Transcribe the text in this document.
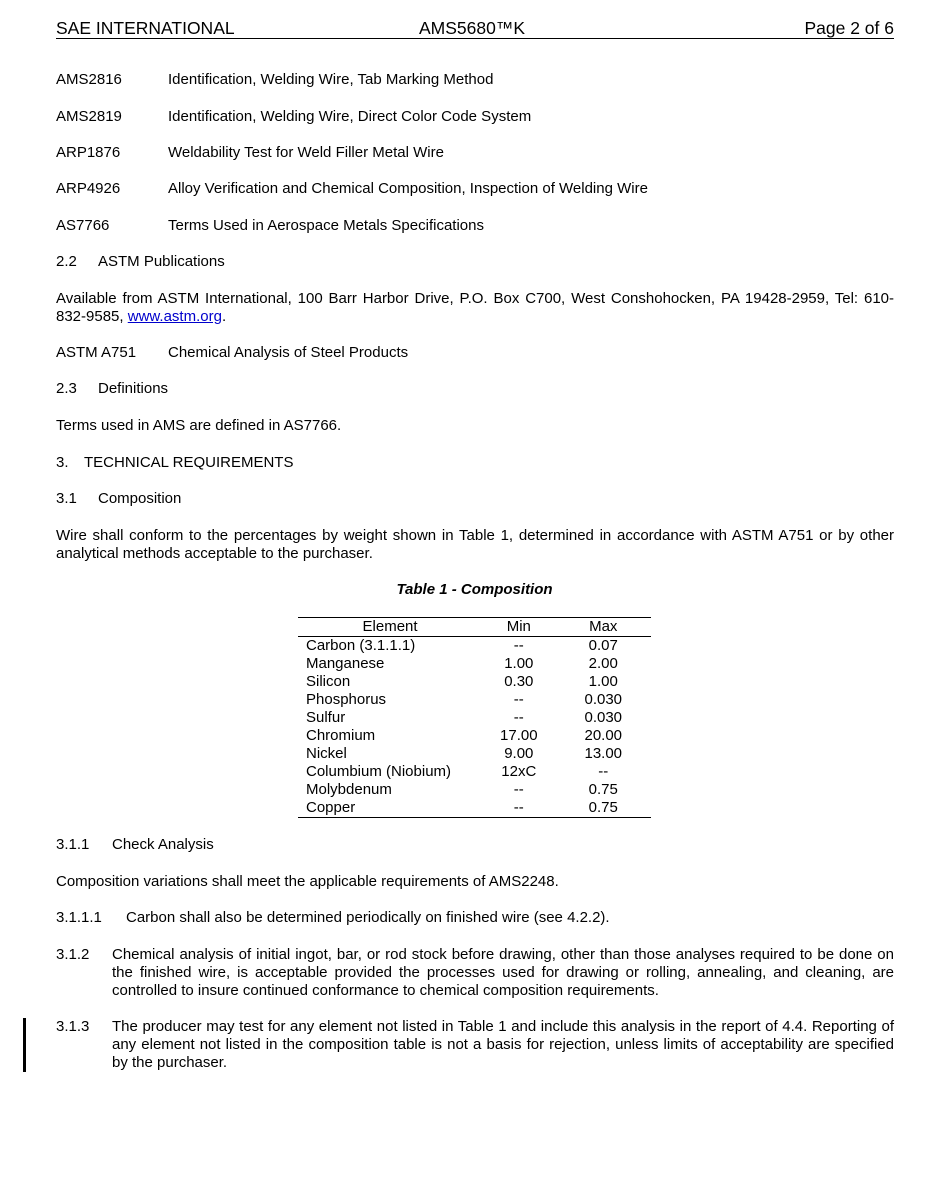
SAE INTERNATIONAL	AMS5680™K	Page 2 of 6
AMS2816	Identification, Welding Wire, Tab Marking Method
AMS2819	Identification, Welding Wire, Direct Color Code System
ARP1876	Weldability Test for Weld Filler Metal Wire
ARP4926	Alloy Verification and Chemical Composition, Inspection of Welding Wire
AS7766	Terms Used in Aerospace Metals Specifications
2.2 ASTM Publications
Available from ASTM International, 100 Barr Harbor Drive, P.O. Box C700, West Conshohocken, PA 19428-2959, Tel: 610-832-9585, www.astm.org.
ASTM A751 Chemical Analysis of Steel Products
2.3 Definitions
Terms used in AMS are defined in AS7766.
3. TECHNICAL REQUIREMENTS
3.1 Composition
Wire shall conform to the percentages by weight shown in Table 1, determined in accordance with ASTM A751 or by other analytical methods acceptable to the purchaser.
Table 1 - Composition
Element	Min	Max
Carbon (3.1.1.1)	--	0.07
Manganese	1.00	2.00
Silicon	0.30	1.00
Phosphorus	--	0.030
Sulfur	--	0.030
Chromium	17.00	20.00
Nickel	9.00	13.00
Columbium (Niobium)	12xC	--
Molybdenum	--	0.75
Copper	--	0.75
3.1.1 Check Analysis
Composition variations shall meet the applicable requirements of AMS2248.
3.1.1.1 Carbon shall also be determined periodically on finished wire (see 4.2.2).
3.1.2 Chemical analysis of initial ingot, bar, or rod stock before drawing, other than those analyses required to be done on the finished wire, is acceptable provided the processes used for drawing or rolling, annealing, and cleaning, are controlled to insure continued conformance to chemical composition requirements.
3.1.3 The producer may test for any element not listed in Table 1 and include this analysis in the report of 4.4. Reporting of any element not listed in the composition table is not a basis for rejection, unless limits of acceptability are specified by the purchaser.
